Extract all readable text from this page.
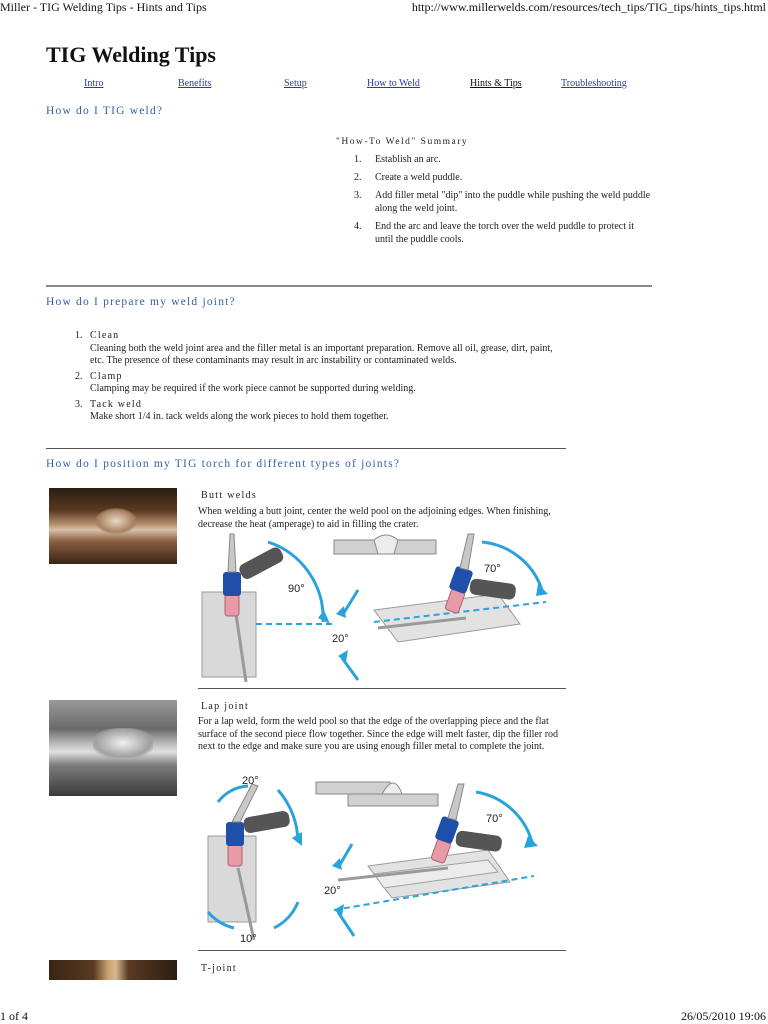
Miller - TIG Welding Tips - Hints and Tips	http://www.millerwelds.com/resources/tech_tips/TIG_tips/hints_tips.html
1 of 4	26/05/2010 19:06
TIG Welding Tips
Intro	Benefits	Setup	How to Weld	Hints & Tips	Troubleshooting
How do I TIG weld?
"How-To Weld" Summary
1. Establish an arc.
2. Create a weld puddle.
3. Add filler metal "dip" into the puddle while pushing the weld puddle along the weld joint.
4. End the arc and leave the torch over the weld puddle to protect it until the puddle cools.
How do I prepare my weld joint?
1. Clean
Cleaning both the weld joint area and the filler metal is an important preparation. Remove all oil, grease, dirt, paint, etc. The presence of these contaminants may result in arc instability or contaminated welds.
2. Clamp
Clamping may be required if the work piece cannot be supported during welding.
3. Tack weld
Make short 1/4 in. tack welds along the work pieces to hold them together.
How do I position my TIG torch for different types of joints?
Butt welds

When welding a butt joint, center the weld pool on the adjoining edges. When finishing, decrease the heat (amperage) to aid in filling the crater.

90°
70°
20°
Lap joint

For a lap weld, form the weld pool so that the edge of the overlapping piece and the flat surface of the second piece flow together. Since the edge will melt faster, dip the filler rod next to the edge and make sure you are using enough filler metal to complete the joint.

20°
10°
70°
20°
T-joint
